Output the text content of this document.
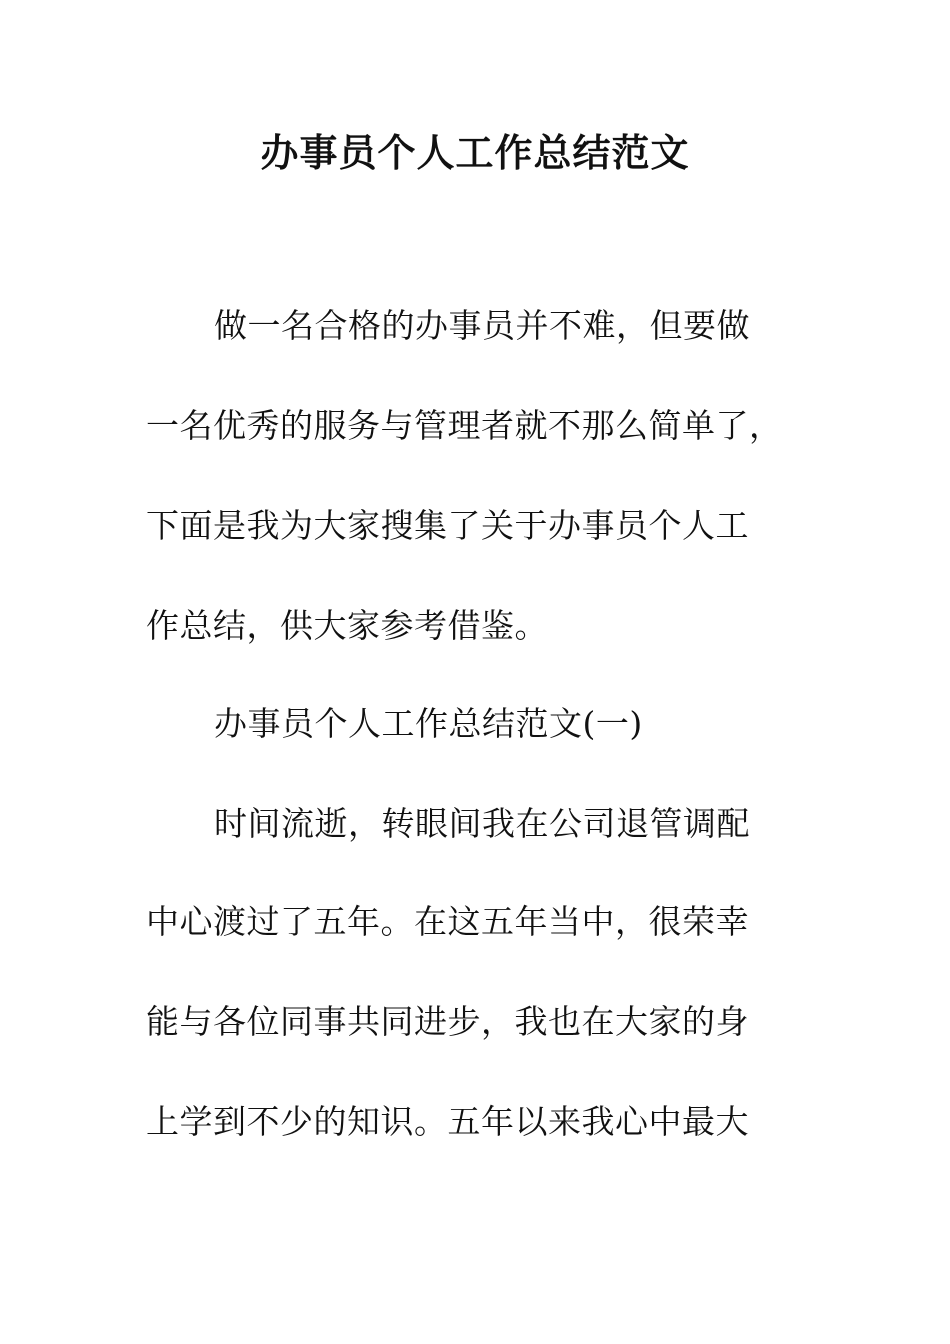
办事员个人工作总结范文
做一名合格的办事员并不难，但要做
一名优秀的服务与管理者就不那么简单了，
下面是我为大家搜集了关于办事员个人工
作总结，供大家参考借鉴。
办事员个人工作总结范文(一)
时间流逝，转眼间我在公司退管调配
中心渡过了五年。在这五年当中，很荣幸
能与各位同事共同进步，我也在大家的身
上学到不少的知识。五年以来我心中最大
